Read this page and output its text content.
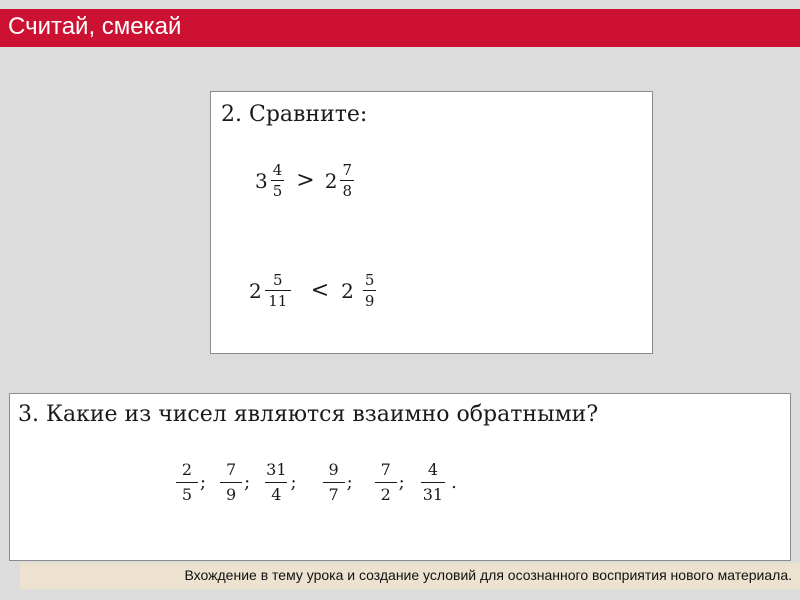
Считай, смекай
2. Сравните:
$3 \frac{4}{5} > 2 \frac{7}{8}$
$2 \frac{5}{11} < 2 \frac{5}{9}$
3. Какие из чисел являются взаимно обратными?
$\frac{2}{5}$ ; $\frac{7}{9}$ ; $\frac{31}{4}$ ; $\frac{9}{7}$ ; $\frac{7}{2}$ ; $\frac{4}{31}$ .
Вхождение в тему урока и создание условий для осознанного восприятия нового материала.
